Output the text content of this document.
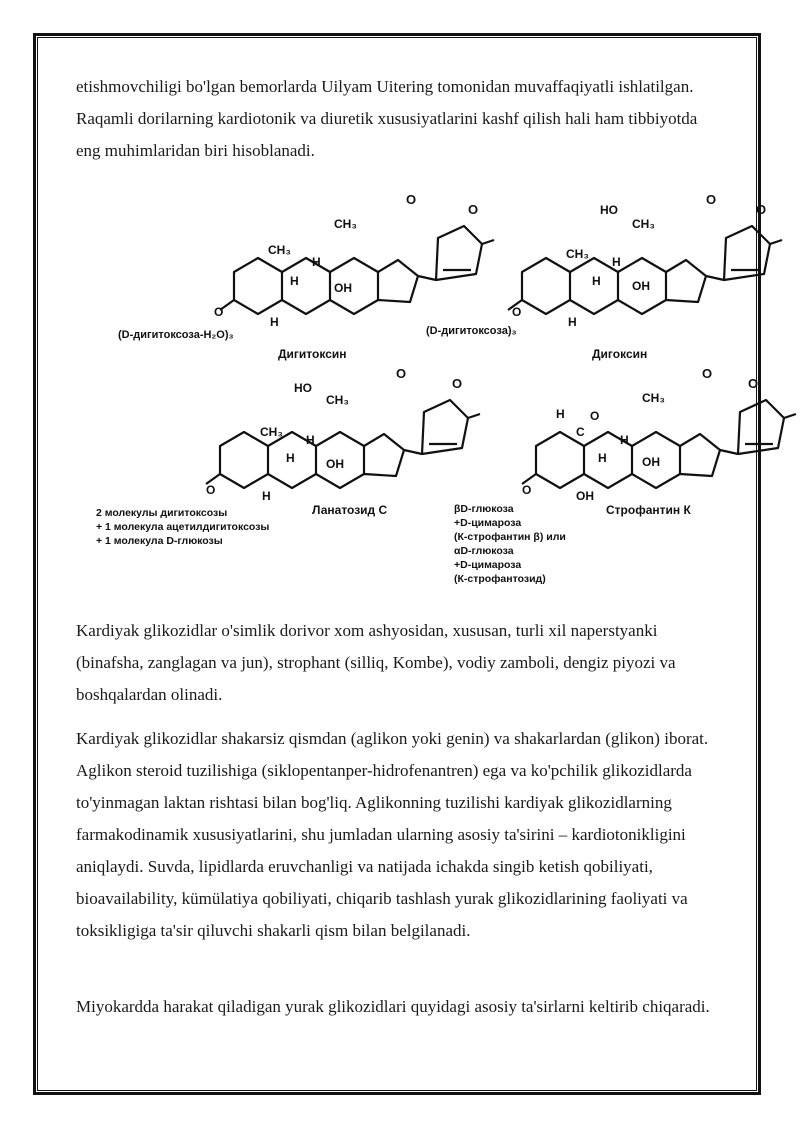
etishmovchiligi bo'lgan bemorlarda Uilyam Uitering tomonidan muvaffaqiyatli ishlatilgan. Raqamli dorilarning kardiotonik va diuretik xususiyatlarini kashf qilish hali ham tibbiyotda eng muhimlaridan biri hisoblanadi.

O
O
CH₃
CH₃
H
H	OH
H
O
(D-дигитоксоза-H₂O)₃
Дигитоксин
O
O
HO
CH₃
CH₃
H
H	OH
H
O
(D-дигитоксоза)₃
Дигоксин
O
O
HO
CH₃
CH₃
H
H	OH
H
O
2 молекулы дигитоксозы
+ 1 молекула ацетилдигитоксозы
+ 1 молекула D-глюкозы
Ланатозид С
O
O
CH₃
H
C
O
H
H	OH
OH
O
βD-глюкоза
+D-цимароза
(К-строфантин β) или
αD-глюкоза
+D-цимароза
(К-строфантозид)
Строфантин К

Kardiyak glikozidlar o'simlik dorivor xom ashyosidan, xususan, turli xil naperstyanki (binafsha, zanglagan va jun), strophant (silliq, Kombe), vodiy zamboli, dengiz piyozi va boshqalardan olinadi.

Kardiyak glikozidlar shakarsiz qismdan (aglikon yoki genin) va shakarlardan (glikon) iborat. Aglikon steroid tuzilishiga (siklopentanper-hidrofenantren) ega va ko'pchilik glikozidlarda to'yinmagan laktan rishtasi bilan bog'liq. Aglikonning tuzilishi kardiyak glikozidlarning farmakodinamik xususiyatlarini, shu jumladan ularning asosiy ta'sirini – kardiotonikligini aniqlaydi. Suvda, lipidlarda eruvchanligi va natijada ichakda singib ketish qobiliyati, bioavailability, kümülatiya qobiliyati, chiqarib tashlash yurak glikozidlarining faoliyati va toksikligiga ta'sir qiluvchi shakarli qism bilan belgilanadi.

Miyokardda harakat qiladigan yurak glikozidlari quyidagi asosiy ta'sirlarni keltirib chiqaradi.
